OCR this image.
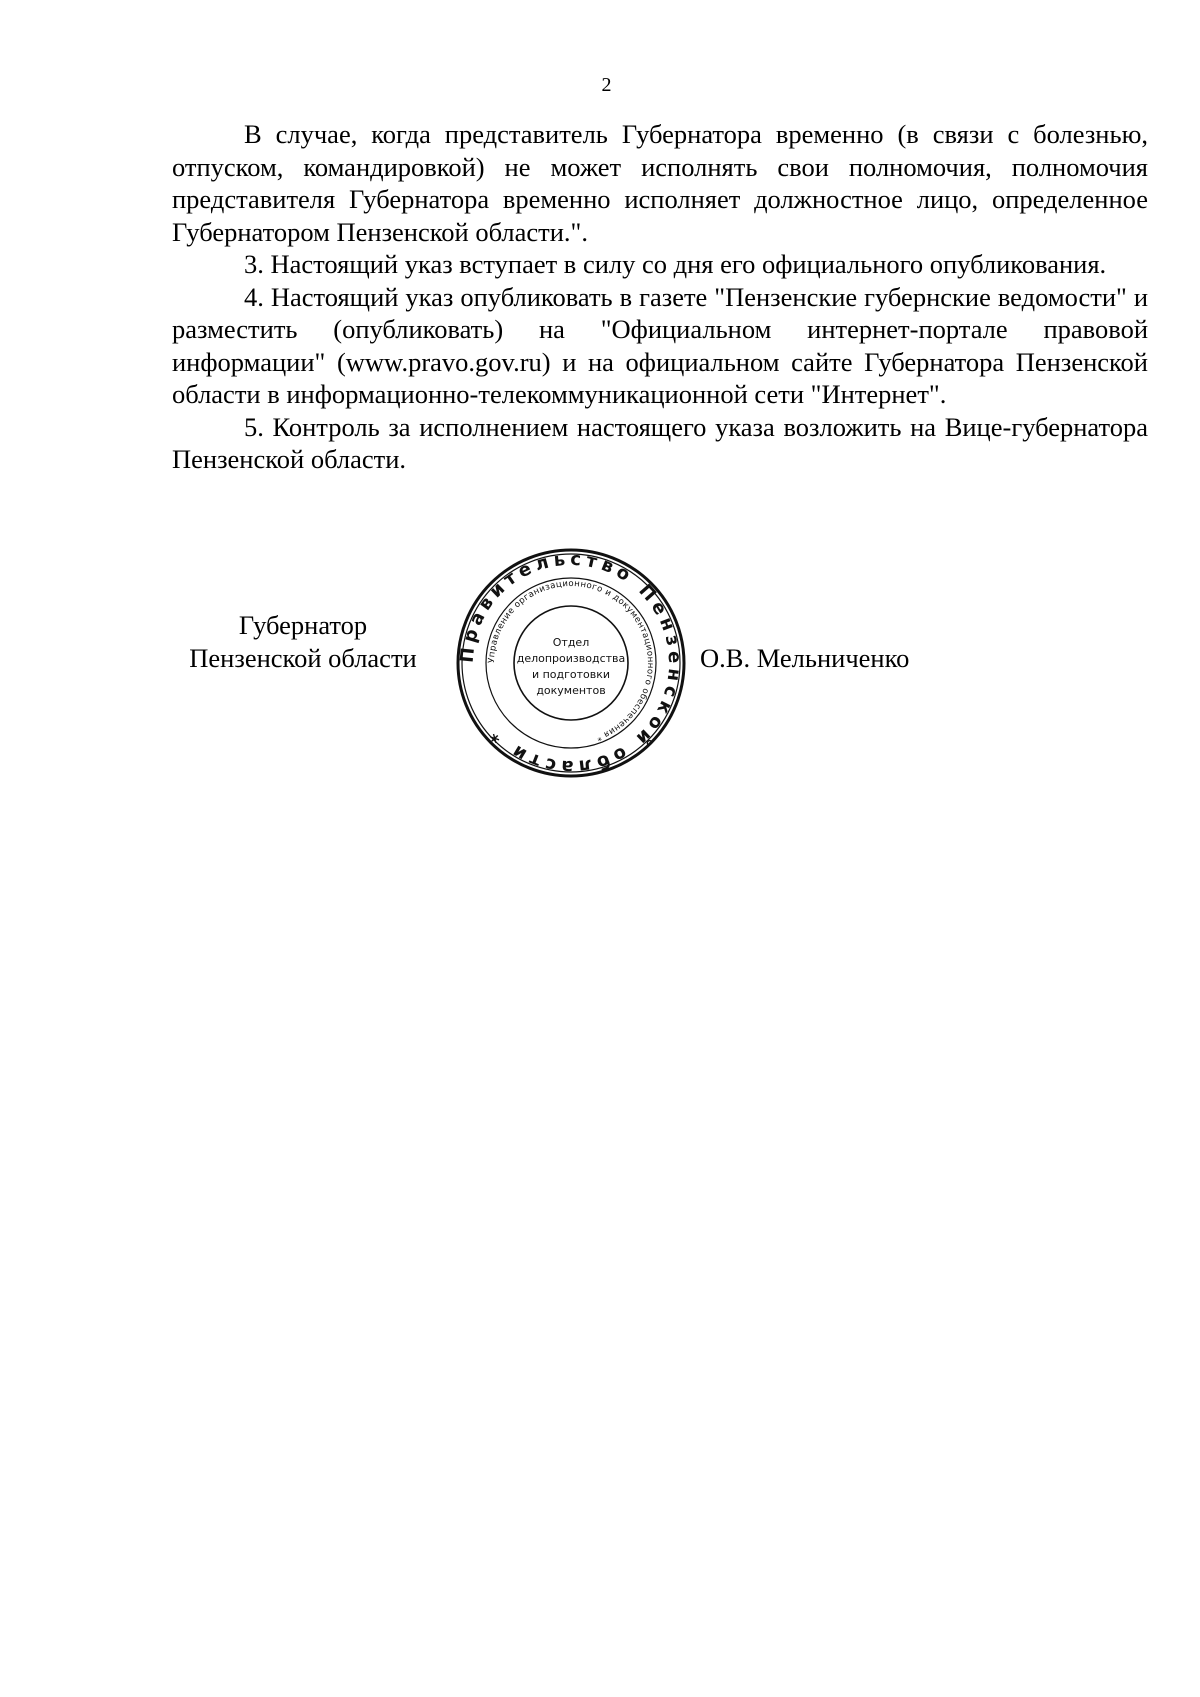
2

В случае, когда представитель Губернатора временно (в связи с болезнью, отпуском, командировкой) не может исполнять свои полномочия, полномочия представителя Губернатора временно исполняет должностное лицо, определенное Губернатором Пензенской области.".

3. Настоящий указ вступает в силу со дня его официального опубликования.

4. Настоящий указ опубликовать в газете "Пензенские губернские ведомости" и разместить (опубликовать) на "Официальном интернет-портале правовой информации" (www.pravo.gov.ru) и на официальном сайте Губернатора Пензенской области в информационно-телекоммуникационной сети "Интернет".

5. Контроль за исполнением настоящего указа возложить на Вице-губернатора Пензенской области.

Губернатор
Пензенской области	Правительство Пензенской области *
Управление организационного и документационного обеспечения *
Отдел
делопроизводства
и подготовки
документов
О.В. Мельниченко
